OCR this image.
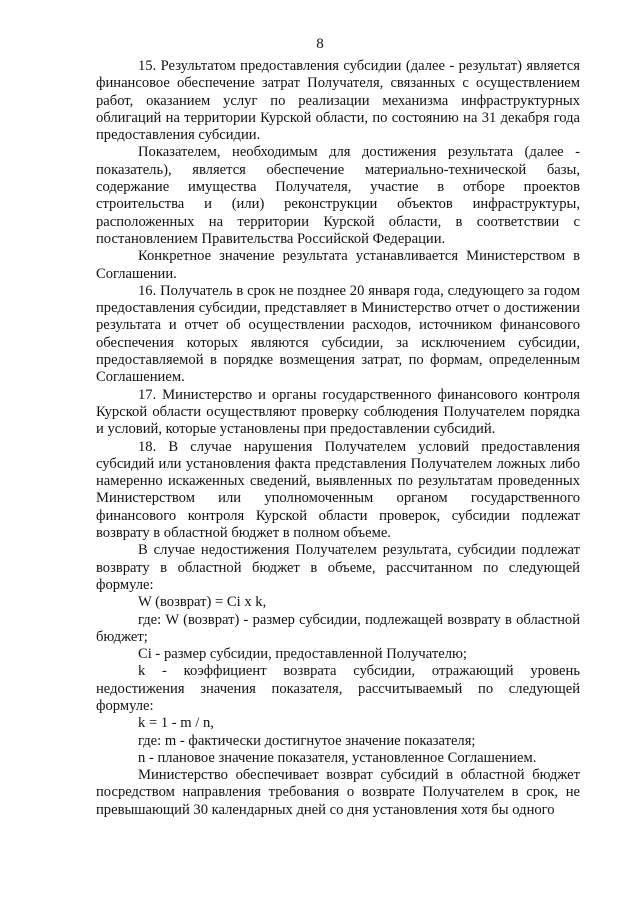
8

15. Результатом предоставления субсидии (далее - результат) является финансовое обеспечение затрат Получателя, связанных с осуществлением работ, оказанием услуг по реализации механизма инфраструктурных облигаций на территории Курской области, по состоянию на 31 декабря года предоставления субсидии.

Показателем, необходимым для достижения результата (далее - показатель), является обеспечение материально-технической базы, содержание имущества Получателя, участие в отборе проектов строительства и (или) реконструкции объектов инфраструктуры, расположенных на территории Курской области, в соответствии с постановлением Правительства Российской Федерации.

Конкретное значение результата устанавливается Министерством в Соглашении.

16. Получатель в срок не позднее 20 января года, следующего за годом предоставления субсидии, представляет в Министерство отчет о достижении результата и отчет об осуществлении расходов, источником финансового обеспечения которых являются субсидии, за исключением субсидии, предоставляемой в порядке возмещения затрат, по формам, определенным Соглашением.

17. Министерство и органы государственного финансового контроля Курской области осуществляют проверку соблюдения Получателем порядка и условий, которые установлены при предоставлении субсидий.

18. В случае нарушения Получателем условий предоставления субсидий или установления факта представления Получателем ложных либо намеренно искаженных сведений, выявленных по результатам проведенных Министерством или уполномоченным органом государственного финансового контроля Курской области проверок, субсидии подлежат возврату в областной бюджет в полном объеме.

В случае недостижения Получателем результата, субсидии подлежат возврату в областной бюджет в объеме, рассчитанном по следующей формуле:

W (возврат) = Ci x k,

где: W (возврат) - размер субсидии, подлежащей возврату в областной бюджет;

Ci - размер субсидии, предоставленной Получателю;

k - коэффициент возврата субсидии, отражающий уровень недостижения значения показателя, рассчитываемый по следующей формуле:

k = 1 - m / n,

где: m - фактически достигнутое значение показателя;

n - плановое значение показателя, установленное Соглашением.

Министерство обеспечивает возврат субсидий в областной бюджет посредством направления требования о возврате Получателем в срок, не превышающий 30 календарных дней со дня установления хотя бы одного
